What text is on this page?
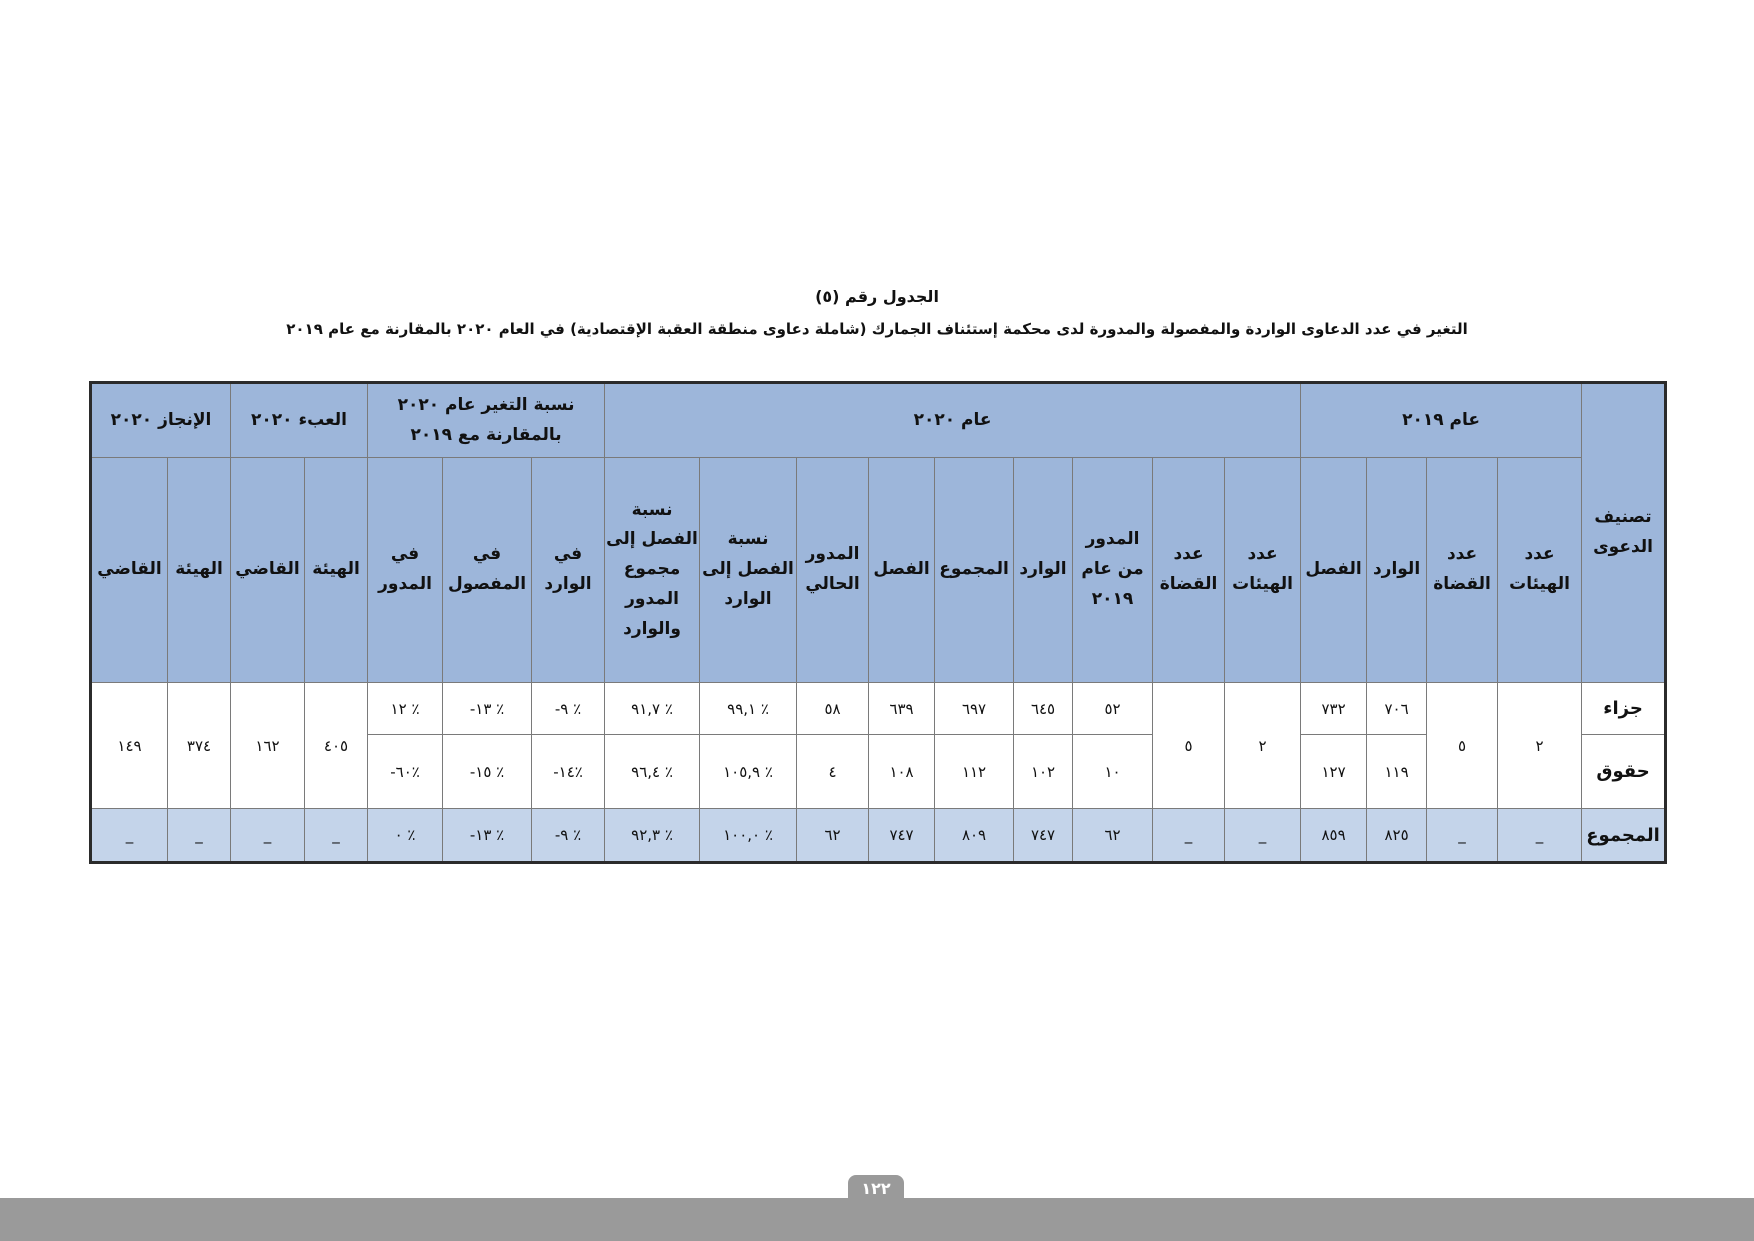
الجدول رقم (٥)
التغير في عدد الدعاوى الواردة والمفصولة والمدورة لدى محكمة إستئناف الجمارك (شاملة دعاوى منطقة العقبة الإقتصادية) في العام ٢٠٢٠ بالمقارنة مع عام ٢٠١٩
تصنيف الدعوى	عام ٢٠١٩				عام ٢٠٢٠									نسبة التغير عام ٢٠٢٠ بالمقارنة مع ٢٠١٩			العبء ٢٠٢٠		الإنجاز ٢٠٢٠	
	عدد الهيئات	عدد القضاة	الوارد	الفصل	عدد الهيئات	عدد القضاة	المدور من عام ٢٠١٩	الوارد	المجموع	الفصل	المدور الحالي	نسبة الفصل إلى الوارد	نسبة الفصل إلى مجموع المدور والوارد	في الوارد	في المفصول	في المدور	الهيئة	القاضي	الهيئة	القاضي
جزاء	٢	٥	٧٠٦	٧٣٢	٢	٥	٥٢	٦٤٥	٦٩٧	٦٣٩	٥٨	٪ ٩٩,١	٪ ٩١,٧	٪ ٩-	٪ ١٣-	٪ ١٢	٤٠٥	١٦٢	٣٧٤	١٤٩
حقوق			١١٩	١٢٧			١٠	١٠٢	١١٢	١٠٨	٤	٪ ١٠٥,٩	٪ ٩٦,٤	٪١٤-	٪ ١٥-	٪٦٠-				
المجموع	_	_	٨٢٥	٨٥٩	_	_	٦٢	٧٤٧	٨٠٩	٧٤٧	٦٢	٪ ١٠٠,٠	٪ ٩٢,٣	٪ ٩-	٪ ١٣-	٪ ٠	_	_	_	_
١٢٢
